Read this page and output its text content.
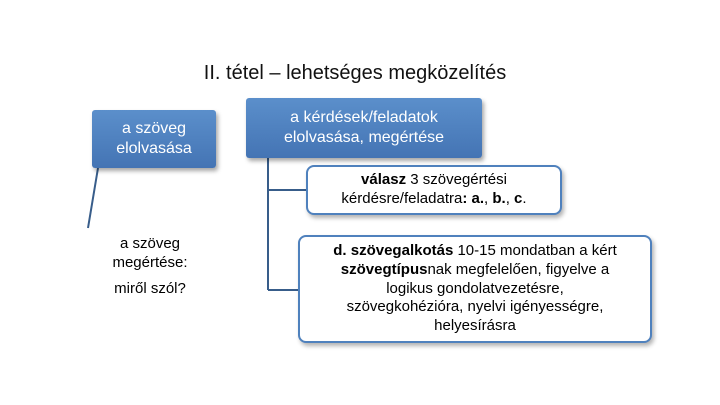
II. tétel – lehetséges megközelítés
a szöveg
elolvasása
a kérdések/feladatok
elolvasása, megértése
válasz 3 szövegértési
kérdésre/feladatra: a., b., c.
a szöveg
megértése:
miről szól?
d. szövegalkotás 10-15 mondatban a kért
szövegtípusnak megfelelően, figyelve a
logikus gondolatvezetésre,
szövegkohézióra, nyelvi igényességre,
helyesírásra
